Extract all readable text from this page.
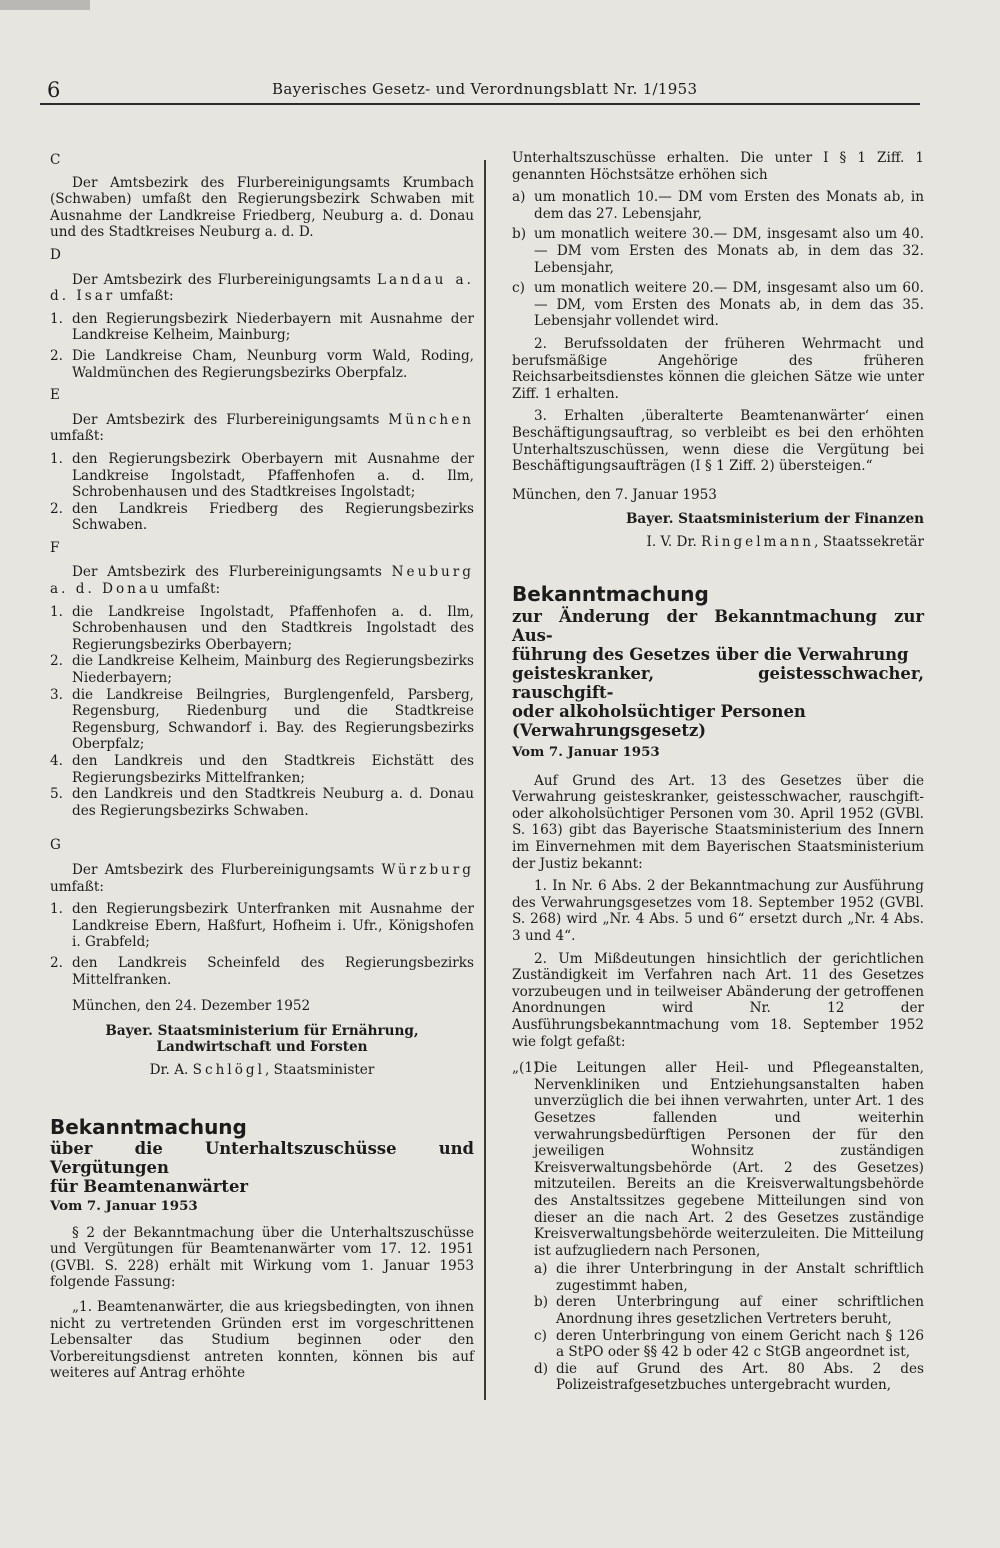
6	Bayerisches Gesetz- und Verordnungsblatt Nr. 1/1953

C

Der Amtsbezirk des Flurbereinigungsamts Krumbach (Schwaben) umfaßt den Regierungsbezirk Schwaben mit Ausnahme der Landkreise Friedberg, Neuburg a. d. Donau und des Stadtkreises Neuburg a. d. D.

D

Der Amtsbezirk des Flurbereinigungsamts Landau a. d. Isar umfaßt:

1. den Regierungsbezirk Niederbayern mit Ausnahme der Landkreise Kelheim, Mainburg;
2. Die Landkreise Cham, Neunburg vorm Wald, Roding, Waldmünchen des Regierungsbezirks Oberpfalz.

E

Der Amtsbezirk des Flurbereinigungsamts München umfaßt:

1. den Regierungsbezirk Oberbayern mit Ausnahme der Landkreise Ingolstadt, Pfaffenhofen a. d. Ilm, Schrobenhausen und des Stadtkreises Ingolstadt;
2. den Landkreis Friedberg des Regierungsbezirks Schwaben.

F

Der Amtsbezirk des Flurbereinigungsamts Neuburg a. d. Donau umfaßt:

1. die Landkreise Ingolstadt, Pfaffenhofen a. d. Ilm, Schrobenhausen und den Stadtkreis Ingolstadt des Regierungsbezirks Oberbayern;
2. die Landkreise Kelheim, Mainburg des Regierungsbezirks Niederbayern;
3. die Landkreise Beilngries, Burglengenfeld, Parsberg, Regensburg, Riedenburg und die Stadtkreise Regensburg, Schwandorf i. Bay. des Regierungsbezirks Oberpfalz;
4. den Landkreis und den Stadtkreis Eichstätt des Regierungsbezirks Mittelfranken;
5. den Landkreis und den Stadtkreis Neuburg a. d. Donau des Regierungsbezirks Schwaben.

G

Der Amtsbezirk des Flurbereinigungsamts Würzburg umfaßt:

1. den Regierungsbezirk Unterfranken mit Ausnahme der Landkreise Ebern, Haßfurt, Hofheim i. Ufr., Königshofen i. Grabfeld;
2. den Landkreis Scheinfeld des Regierungsbezirks Mittelfranken.

München, den 24. Dezember 1952

Bayer. Staatsministerium für Ernährung,
Landwirtschaft und Forsten

Dr. A. Schlögl, Staatsminister

Bekanntmachung

über die Unterhaltszuschüsse und Vergütungen
für Beamtenanwärter

Vom 7. Januar 1953

§ 2 der Bekanntmachung über die Unterhaltszuschüsse und Vergütungen für Beamtenanwärter vom 17. 12. 1951 (GVBl. S. 228) erhält mit Wirkung vom 1. Januar 1953 folgende Fassung:

„1. Beamtenanwärter, die aus kriegsbedingten, von ihnen nicht zu vertretenden Gründen erst im vorgeschrittenen Lebensalter das Studium beginnen oder den Vorbereitungsdienst antreten konnten, können bis auf weiteres auf Antrag erhöhte

Unterhaltszuschüsse erhalten. Die unter I § 1 Ziff. 1 genannten Höchstsätze erhöhen sich

a) um monatlich 10.— DM vom Ersten des Monats ab, in dem das 27. Lebensjahr,
b) um monatlich weitere 30.— DM, insgesamt also um 40.— DM vom Ersten des Monats ab, in dem das 32. Lebensjahr,
c) um monatlich weitere 20.— DM, insgesamt also um 60.— DM, vom Ersten des Monats ab, in dem das 35. Lebensjahr vollendet wird.

2. Berufssoldaten der früheren Wehrmacht und berufsmäßige Angehörige des früheren Reichsarbeitsdienstes können die gleichen Sätze wie unter Ziff. 1 erhalten.

3. Erhalten ‚überalterte Beamtenanwärter‘ einen Beschäftigungsauftrag, so verbleibt es bei den erhöhten Unterhaltszuschüssen, wenn diese die Vergütung bei Beschäftigungsaufträgen (I § 1 Ziff. 2) übersteigen.“

München, den 7. Januar 1953

Bayer. Staatsministerium der Finanzen

I. V. Dr. Ringelmann, Staatssekretär

Bekanntmachung

zur Änderung der Bekanntmachung zur Aus-
führung des Gesetzes über die Verwahrung
geisteskranker, geistesschwacher, rauschgift-
oder alkoholsüchtiger Personen
(Verwahrungsgesetz)

Vom 7. Januar 1953

Auf Grund des Art. 13 des Gesetzes über die Verwahrung geisteskranker, geistesschwacher, rauschgift- oder alkoholsüchtiger Personen vom 30. April 1952 (GVBl. S. 163) gibt das Bayerische Staatsministerium des Innern im Einvernehmen mit dem Bayerischen Staatsministerium der Justiz bekannt:

1. In Nr. 6 Abs. 2 der Bekanntmachung zur Ausführung des Verwahrungsgesetzes vom 18. September 1952 (GVBl. S. 268) wird „Nr. 4 Abs. 5 und 6“ ersetzt durch „Nr. 4 Abs. 3 und 4“.

2. Um Mißdeutungen hinsichtlich der gerichtlichen Zuständigkeit im Verfahren nach Art. 11 des Gesetzes vorzubeugen und in teilweiser Abänderung der getroffenen Anordnungen wird Nr. 12 der Ausführungsbekanntmachung vom 18. September 1952 wie folgt gefaßt:

„(1)
Die Leitungen aller Heil- und Pflegeanstalten, Nervenkliniken und Entziehungsanstalten haben unverzüglich die bei ihnen verwahrten, unter Art. 1 des Gesetzes fallenden und weiterhin verwahrungsbedürftigen Personen der für den jeweiligen Wohnsitz zuständigen Kreisverwaltungsbehörde (Art. 2 des Gesetzes) mitzuteilen. Bereits an die Kreisverwaltungsbehörde des Anstaltssitzes gegebene Mitteilungen sind von dieser an die nach Art. 2 des Gesetzes zuständige Kreisverwaltungsbehörde weiterzuleiten. Die Mitteilung ist aufzugliedern nach Personen,
a) die ihrer Unterbringung in der Anstalt schriftlich zugestimmt haben,
b) deren Unterbringung auf einer schriftlichen Anordnung ihres gesetzlichen Vertreters beruht,
c) deren Unterbringung von einem Gericht nach § 126 a StPO oder §§ 42 b oder 42 c StGB angeordnet ist,
d) die auf Grund des Art. 80 Abs. 2 des Polizeistrafgesetzbuches untergebracht wurden,
